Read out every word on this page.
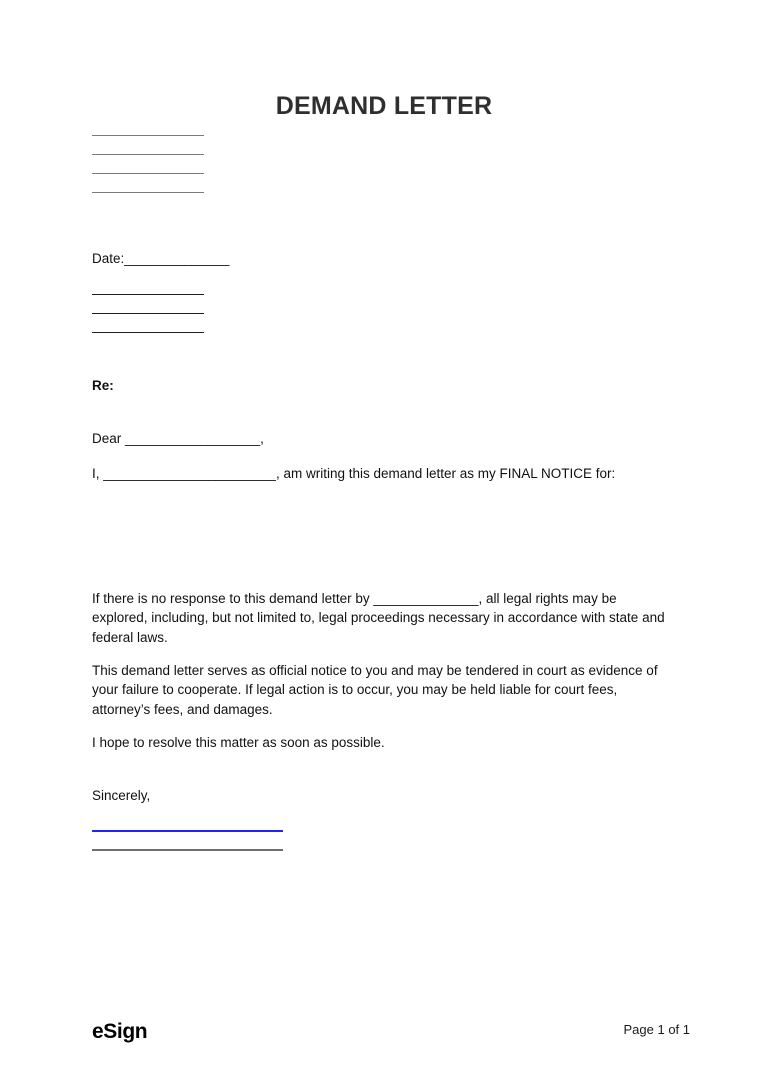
DEMAND LETTER
Date:______________
Re:
Dear __________________,
I, _______________________, am writing this demand letter as my FINAL NOTICE for:
If there is no response to this demand letter by ______________, all legal rights may be explored, including, but not limited to, legal proceedings necessary in accordance with state and federal laws.
This demand letter serves as official notice to you and may be tendered in court as evidence of your failure to cooperate. If legal action is to occur, you may be held liable for court fees, attorney’s fees, and damages.
I hope to resolve this matter as soon as possible.
Sincerely,
eSign	Page 1 of 1
